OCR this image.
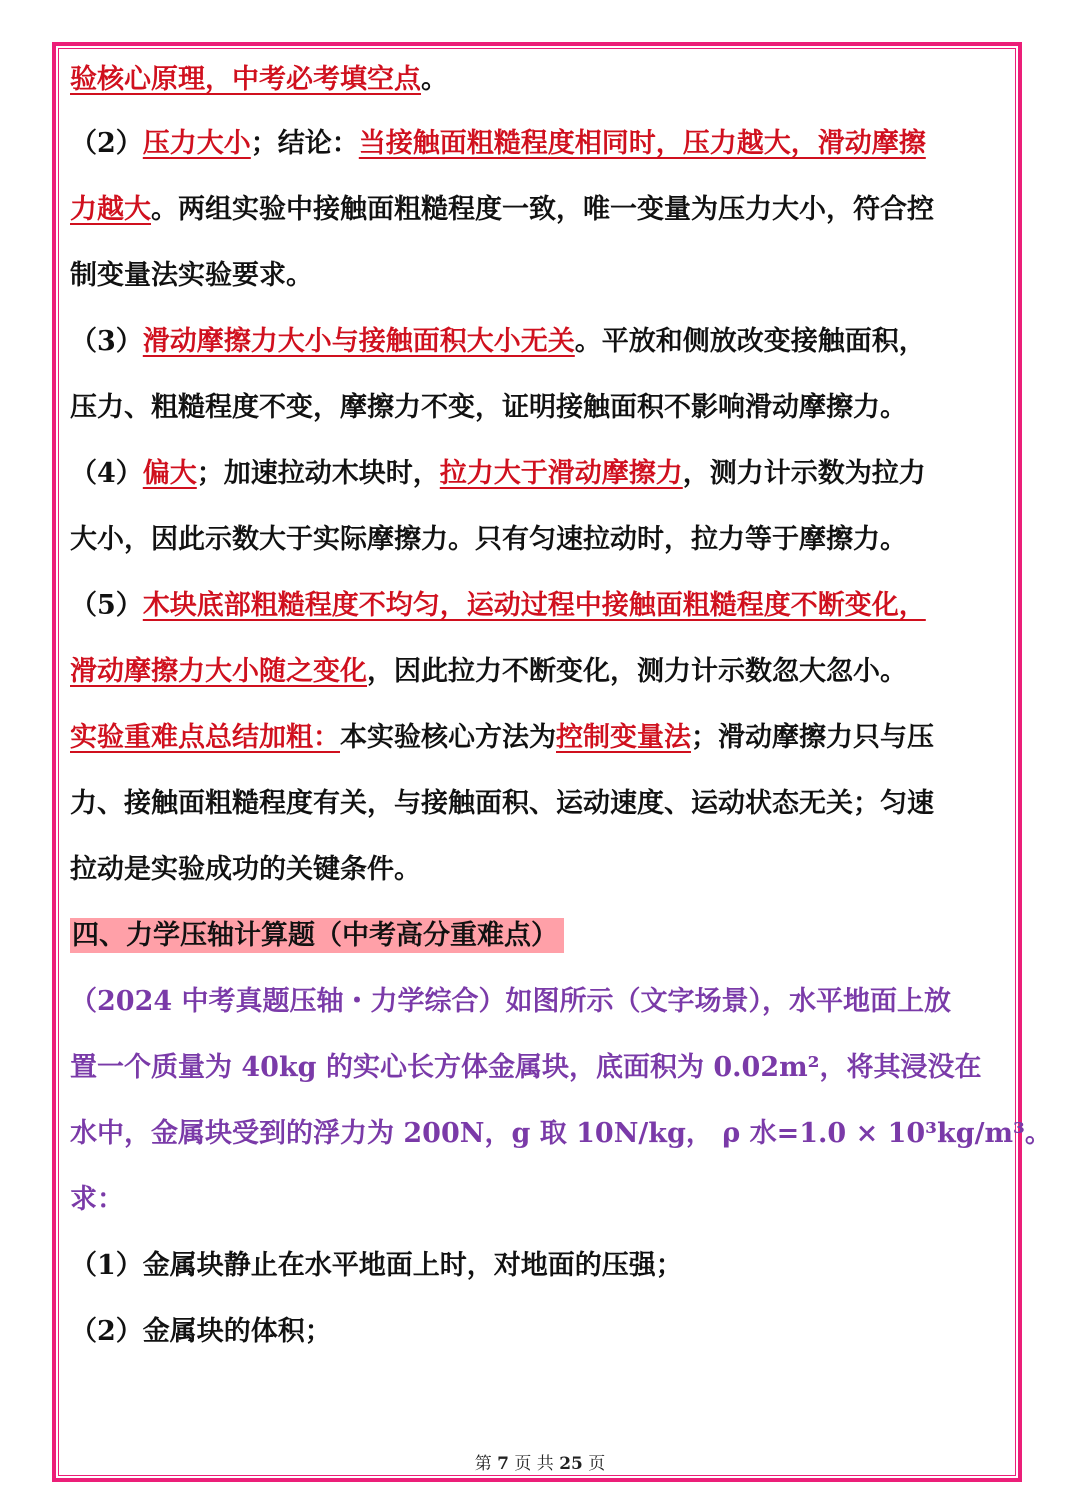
验核心原理，中考必考填空点。
（2）压力大小；结论：当接触面粗糙程度相同时，压力越大，滑动摩擦
力越大。两组实验中接触面粗糙程度一致，唯一变量为压力大小，符合控
制变量法实验要求。
（3）滑动摩擦力大小与接触面积大小无关。平放和侧放改变接触面积，
压力、粗糙程度不变，摩擦力不变，证明接触面积不影响滑动摩擦力。
（4）偏大；加速拉动木块时，拉力大于滑动摩擦力，测力计示数为拉力
大小，因此示数大于实际摩擦力。只有匀速拉动时，拉力等于摩擦力。
（5）木块底部粗糙程度不均匀，运动过程中接触面粗糙程度不断变化，
滑动摩擦力大小随之变化，因此拉力不断变化，测力计示数忽大忽小。
实验重难点总结加粗：本实验核心方法为控制变量法；滑动摩擦力只与压
力、接触面粗糙程度有关，与接触面积、运动速度、运动状态无关；匀速
拉动是实验成功的关键条件。
四、力学压轴计算题（中考高分重难点）
（2024 中考真题压轴・力学综合）如图所示（文字场景），水平地面上放
置一个质量为 40kg 的实心长方体金属块，底面积为 0.02m²，将其浸没在
水中，金属块受到的浮力为 200N，g 取 10N/kg， ρ 水=1.0 × 10³kg/m³。
求：
（1）金属块静止在水平地面上时，对地面的压强；
（2）金属块的体积；
第 7 页 共 25 页
